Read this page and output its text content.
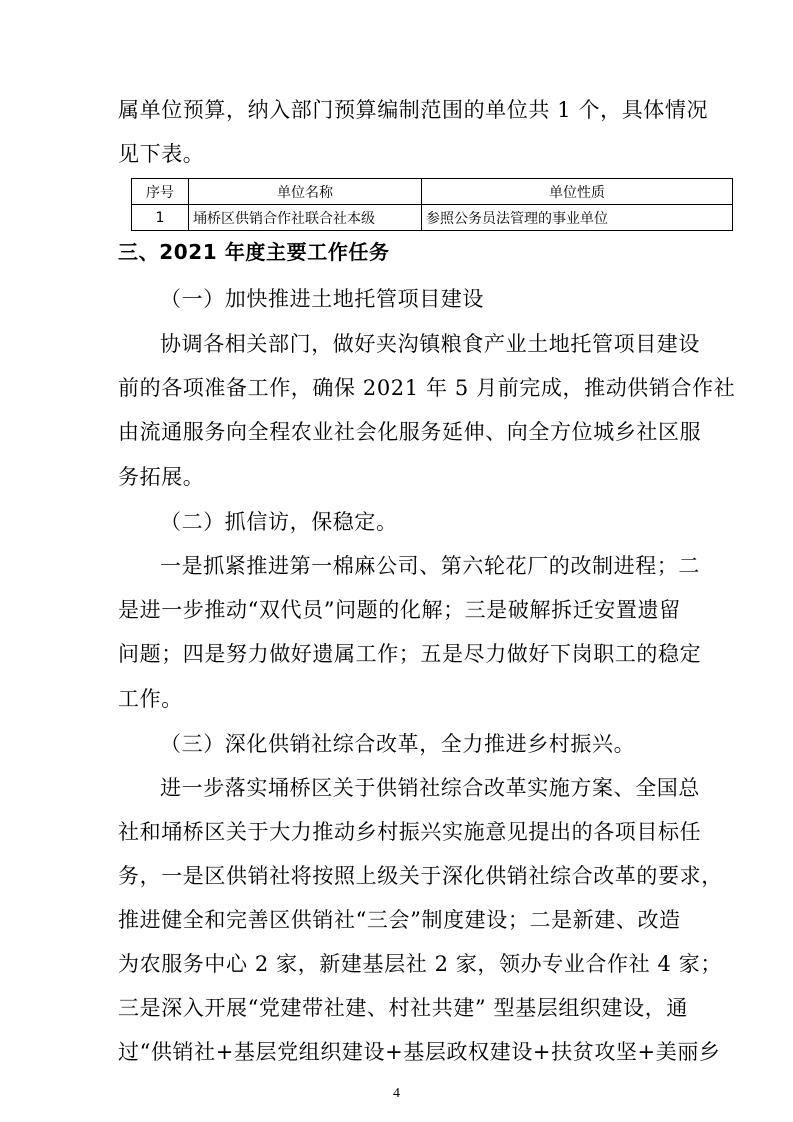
属单位预算，纳入部门预算编制范围的单位共 1 个，具体情况
见下表。
序号	单位名称	单位性质
1	埇桥区供销合作社联合社本级	参照公务员法管理的事业单位
三、2021 年度主要工作任务
（一）加快推进土地托管项目建设
协调各相关部门，做好夹沟镇粮食产业土地托管项目建设
前的各项准备工作，确保 2021 年 5 月前完成，推动供销合作社
由流通服务向全程农业社会化服务延伸、向全方位城乡社区服
务拓展。
（二）抓信访，保稳定。
一是抓紧推进第一棉麻公司、第六轮花厂的改制进程；二
是进一步推动“双代员”问题的化解；三是破解拆迁安置遗留
问题；四是努力做好遗属工作；五是尽力做好下岗职工的稳定
工作。
（三）深化供销社综合改革，全力推进乡村振兴。
进一步落实埇桥区关于供销社综合改革实施方案、全国总
社和埇桥区关于大力推动乡村振兴实施意见提出的各项目标任
务，一是区供销社将按照上级关于深化供销社综合改革的要求，
推进健全和完善区供销社“三会”制度建设；二是新建、改造
为农服务中心 2 家，新建基层社 2 家，领办专业合作社 4 家；
三是深入开展“党建带社建、村社共建” 型基层组织建设，通
过“供销社+基层党组织建设+基层政权建设+扶贫攻坚+美丽乡
4
